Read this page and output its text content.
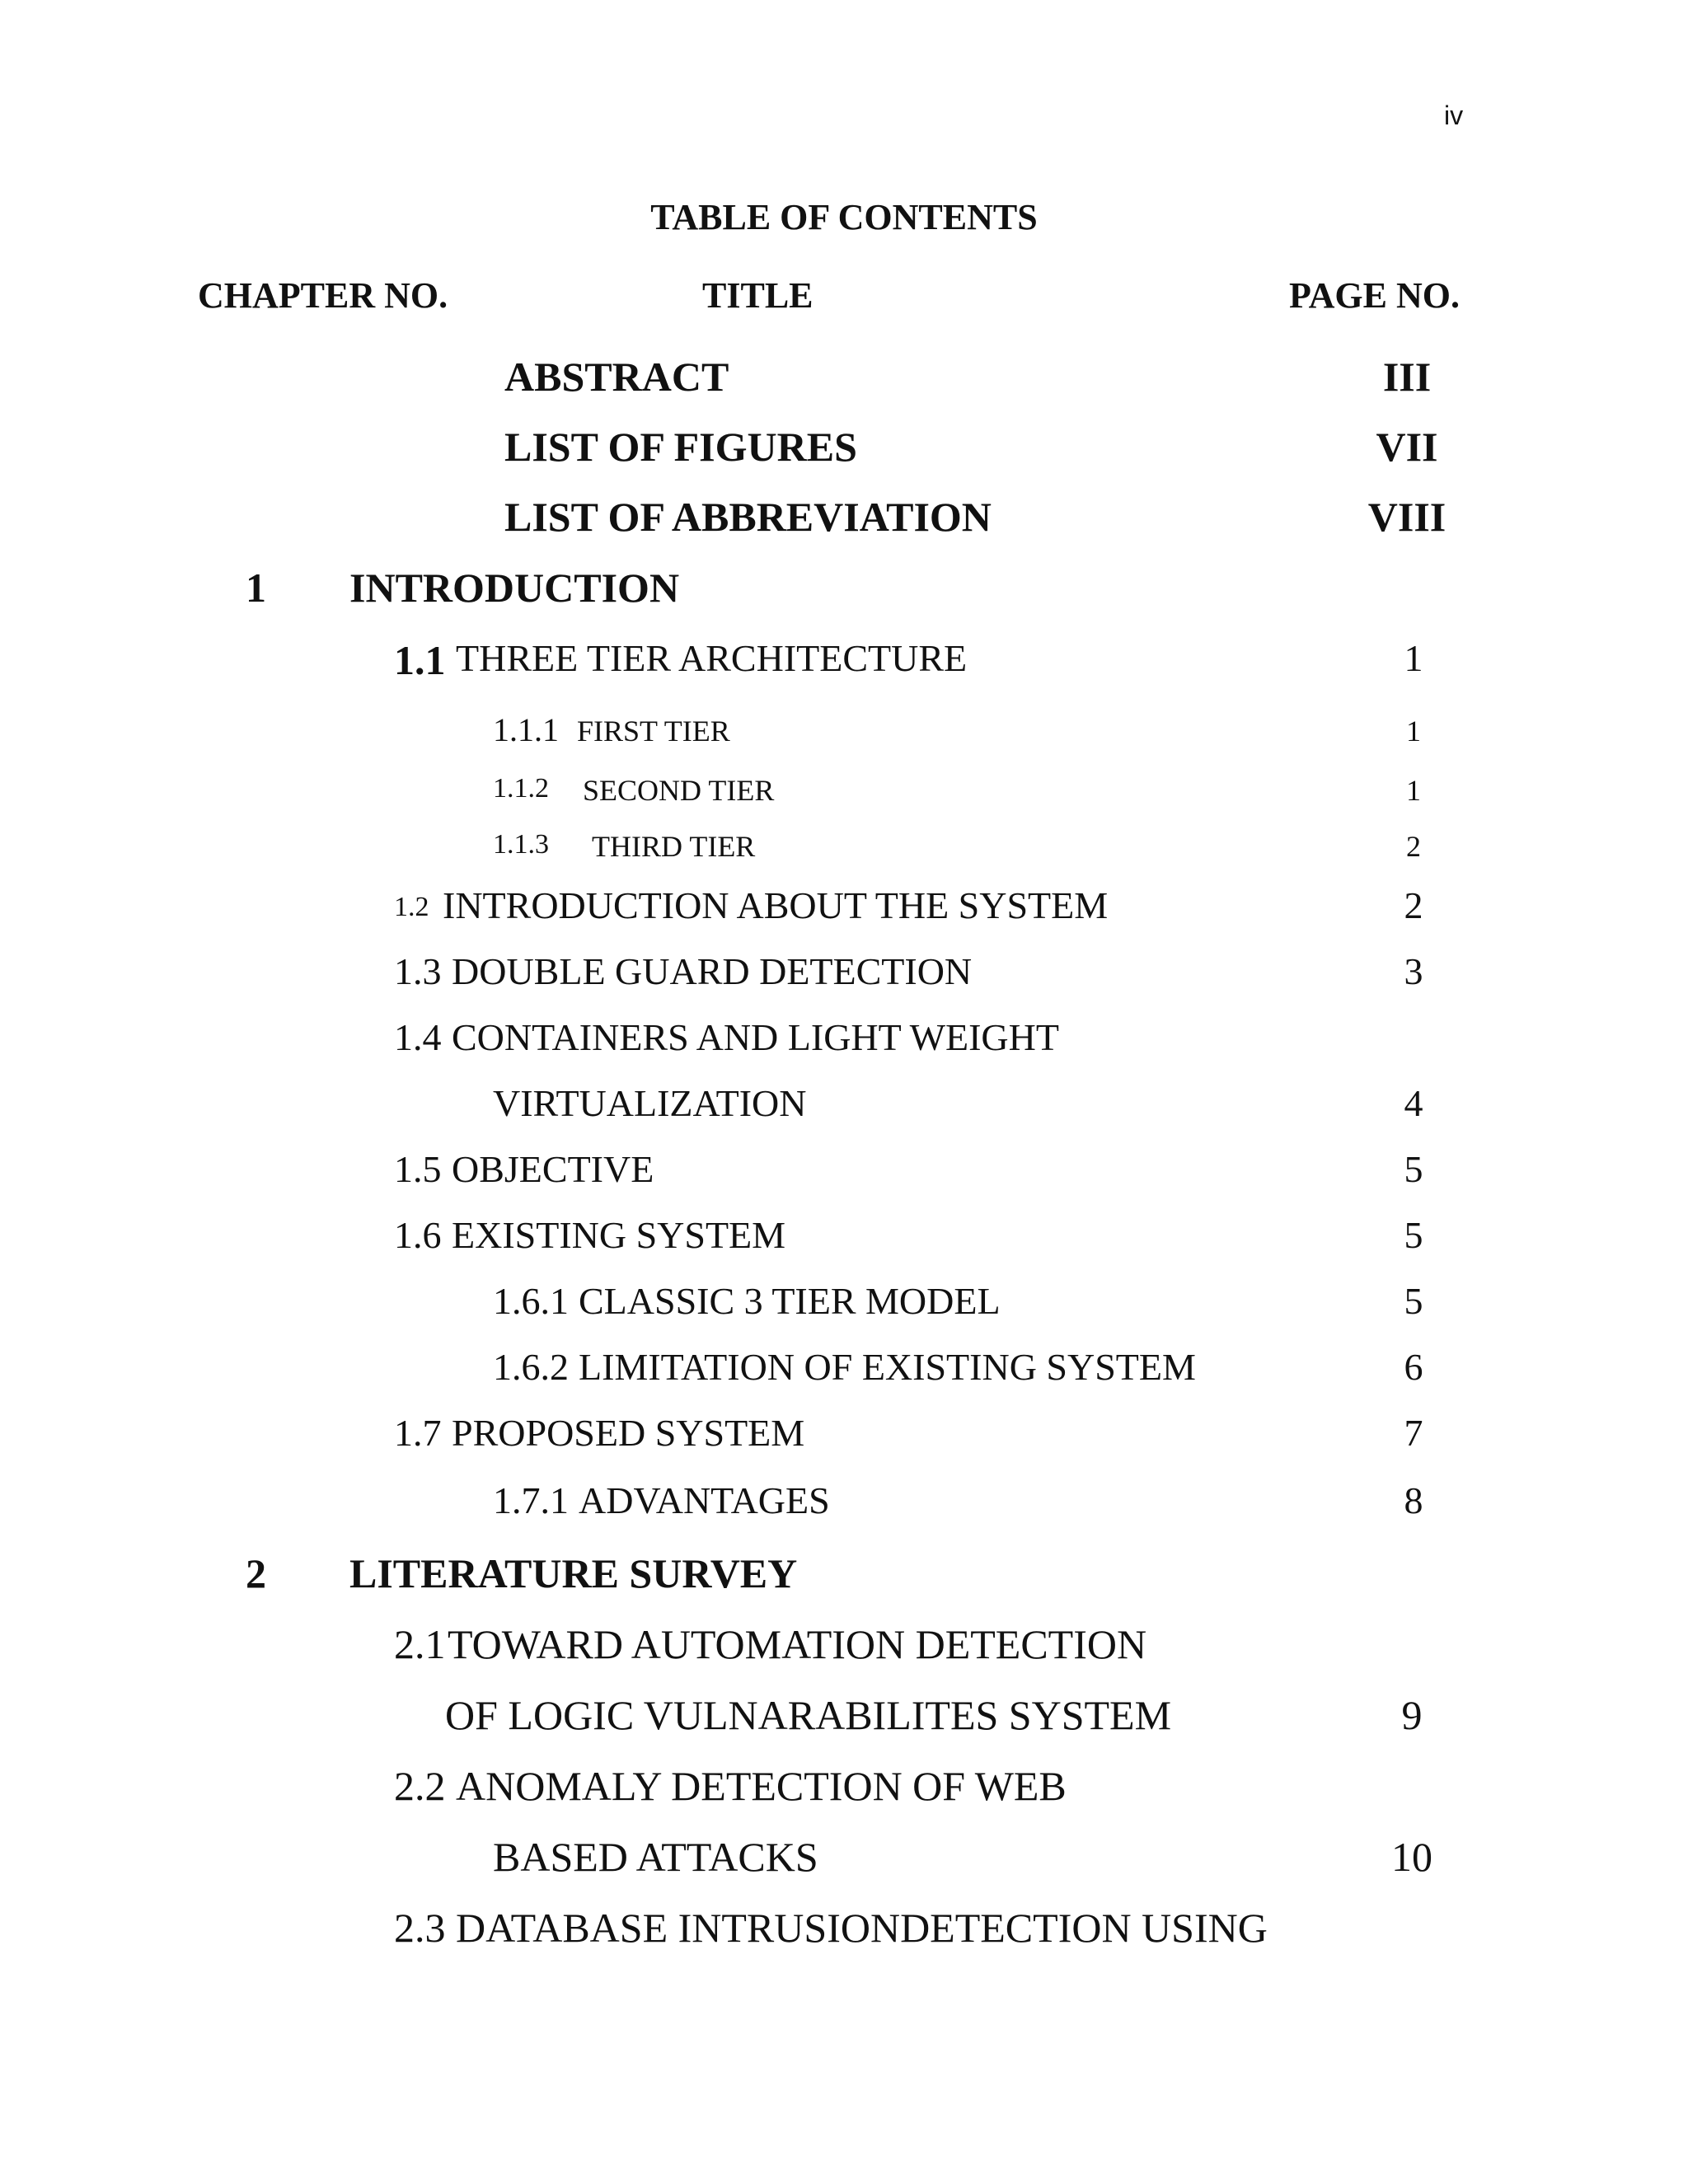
iv
TABLE OF CONTENTS
CHAPTER NO.	TITLE	PAGE NO.
ABSTRACT	III
LIST OF FIGURES	VII
LIST OF ABBREVIATION	VIII
1 INTRODUCTION
1.1 THREE TIER ARCHITECTURE	1
1.1.1 FIRST TIER	1
1.1.2 SECOND TIER	1
1.1.3 THIRD TIER	2
1.2 INTRODUCTION ABOUT THE SYSTEM	2
1.3 DOUBLE GUARD DETECTION	3
1.4 CONTAINERS AND LIGHT WEIGHT
VIRTUALIZATION	4
1.5 OBJECTIVE	5
1.6 EXISTING SYSTEM	5
1.6.1 CLASSIC 3 TIER MODEL	5
1.6.2 LIMITATION OF EXISTING SYSTEM	6
1.7 PROPOSED SYSTEM	7
1.7.1 ADVANTAGES	8
2 LITERATURE SURVEY
2.1 TOWARD AUTOMATION DETECTION
OF LOGIC VULNARABILITES SYSTEM	9
2.2 ANOMALY DETECTION OF WEB
BASED ATTACKS	10
2.3 DATABASE INTRUSIONDETECTION USING
